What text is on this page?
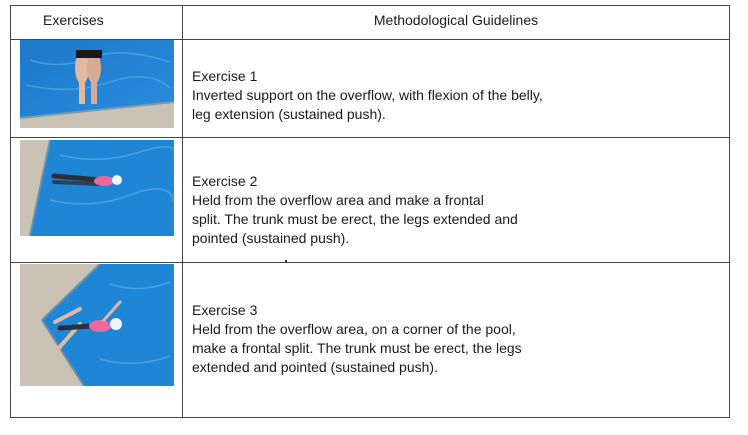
Exercises	Methodological Guidelines
Exercise 1
Inverted support on the overflow, with flexion of the belly,
leg extension (sustained push).
Exercise 2
Held from the overflow area and make a frontal
split. The trunk must be erect, the legs extended and
pointed (sustained push).
Exercise 3
Held from the overflow area, on a corner of the pool,
make a frontal split. The trunk must be erect, the legs
extended and pointed (sustained push).
